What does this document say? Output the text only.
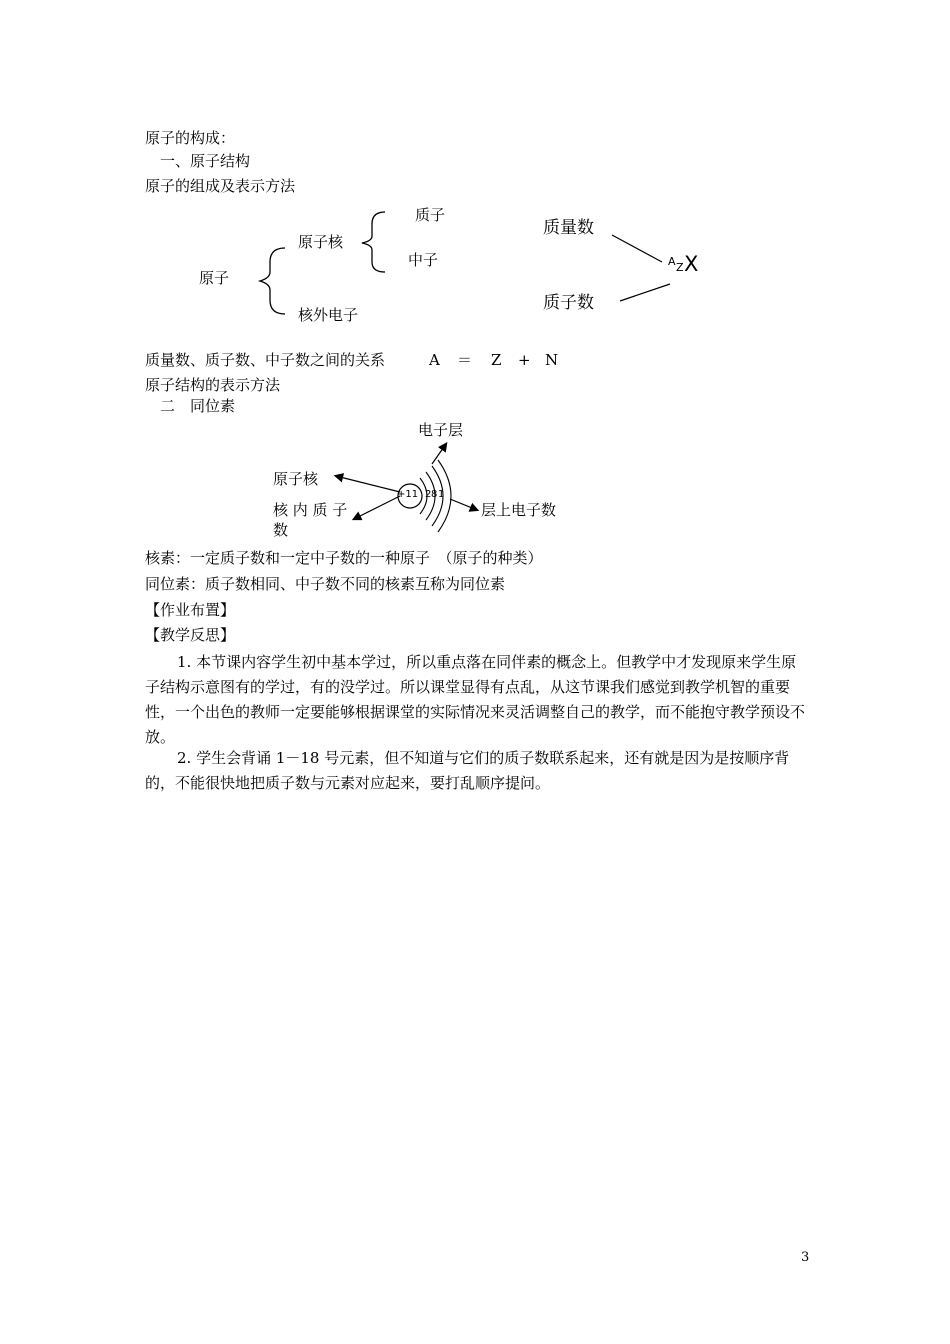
原子的构成：
一、原子结构
原子的组成及表示方法
原子
原子核
质子
中子
核外电子
质量数
质子数
A Z X
质量数、质子数、中子数之间的关系	A ＝ Z + N
原子结构的表示方法
二　同位素
电子层
原子核
核 内 质 子
数
层上电子数
+11 2 8 1
核素：一定质子数和一定中子数的一种原子　（原子的种类）
同位素：质子数相同、中子数不同的核素互称为同位素
【作业布置】
【教学反思】
1. 本节课内容学生初中基本学过，所以重点落在同伴素的概念上。但教学中才发现原来学生原子结构示意图有的学过，有的没学过。所以课堂显得有点乱，从这节课我们感觉到教学机智的重要性，一个出色的教师一定要能够根据课堂的实际情况来灵活调整自己的教学，而不能抱守教学预设不放。
2. 学生会背诵 1－18 号元素，但不知道与它们的质子数联系起来，还有就是因为是按顺序背的，不能很快地把质子数与元素对应起来，要打乱顺序提问。
3
